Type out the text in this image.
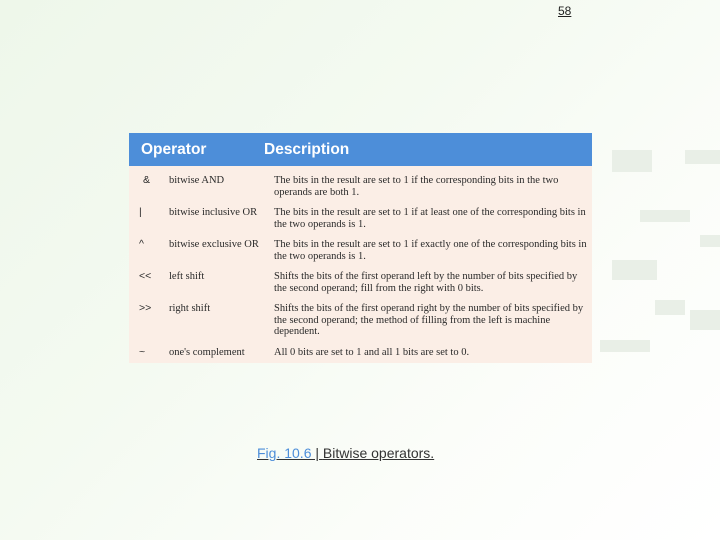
58
Operator	Description
&	bitwise AND	The bits in the result are set to 1 if the corresponding bits in the two operands are both 1.
|	bitwise inclusive OR	The bits in the result are set to 1 if at least one of the corresponding bits in the two operands is 1.
^	bitwise exclusive OR	The bits in the result are set to 1 if exactly one of the corresponding bits in the two operands is 1.
<<	left shift	Shifts the bits of the first operand left by the number of bits specified by the second operand; fill from the right with 0 bits.
>>	right shift	Shifts the bits of the first operand right by the number of bits specified by the second operand; the method of filling from the left is machine dependent.
~	one's complement	All 0 bits are set to 1 and all 1 bits are set to 0.
Fig. 10.6 | Bitwise operators.
